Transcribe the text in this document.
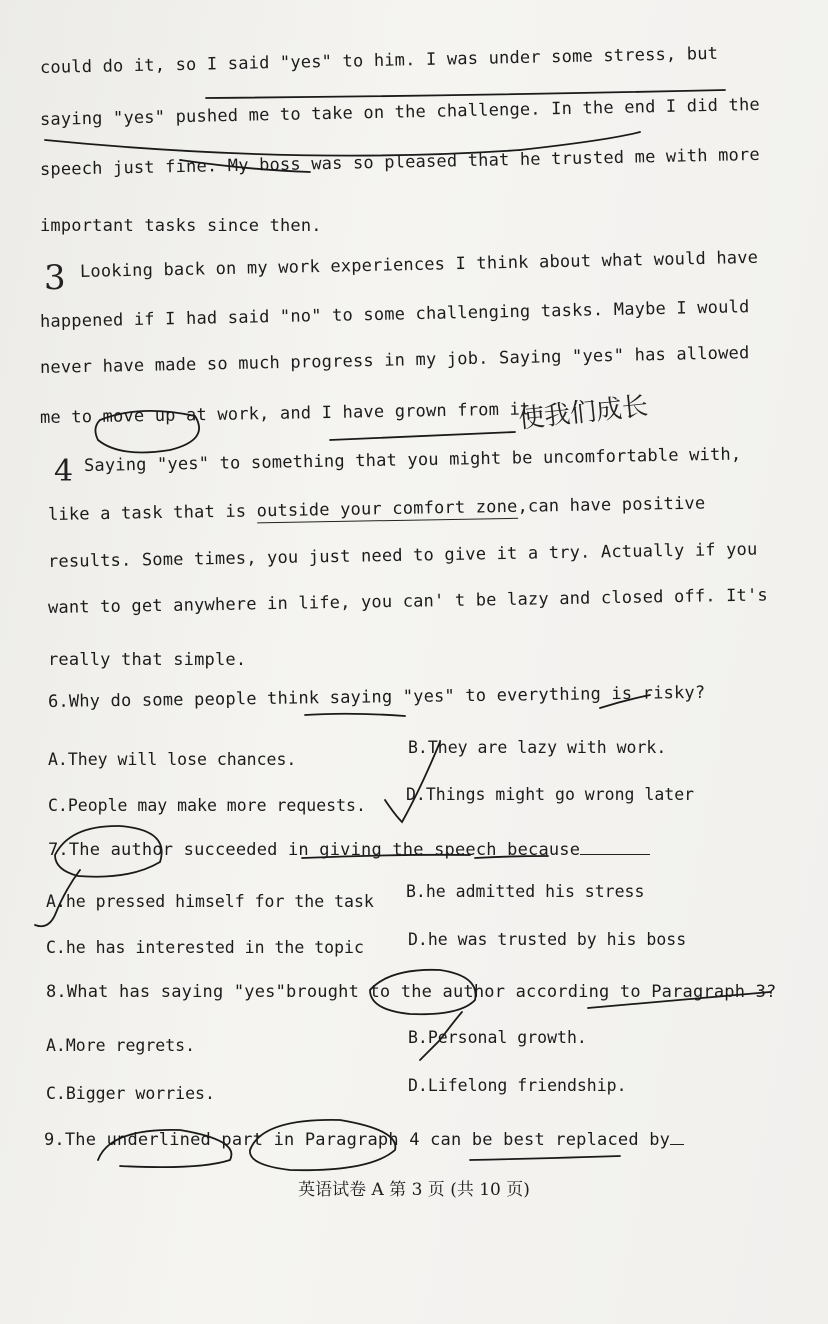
could do it, so I said "yes" to him. I was under some stress, but
saying "yes" pushed me to take on the challenge. In the end I did the
speech just fine. My boss was so pleased that he trusted me with more
important tasks since then.
3 Looking back on my work experiences I think about what would have
happened if I had said "no" to some challenging tasks. Maybe I would
never have made so much progress in my job. Saying "yes" has allowed
me to move up at work, and I have grown from it
使我们成长
4 Saying "yes" to something that you might be uncomfortable with,
like a task that is outside your comfort zone,can have positive
results. Some times, you just need to give it a try. Actually if you
want to get anywhere in life, you can' t be lazy and closed off. It's
really that simple.
6.Why do some people think saying "yes" to everything is risky?
A.They will lose chances.
B.They are lazy with work.
C.People may make more requests.
D.Things might go wrong later
7.The author succeeded in giving the speech because
A.he pressed himself for the task
B.he admitted his stress
C.he has interested in the topic	D.he was trusted by his boss
8.What has saying "yes"brought to the author according to Paragraph 3?
A.More regrets.	B.Personal growth.
C.Bigger worries.	D.Lifelong friendship.
9.The underlined part in Paragraph 4 can be best replaced by
英语试卷 A 第 3 页 (共 10 页)
